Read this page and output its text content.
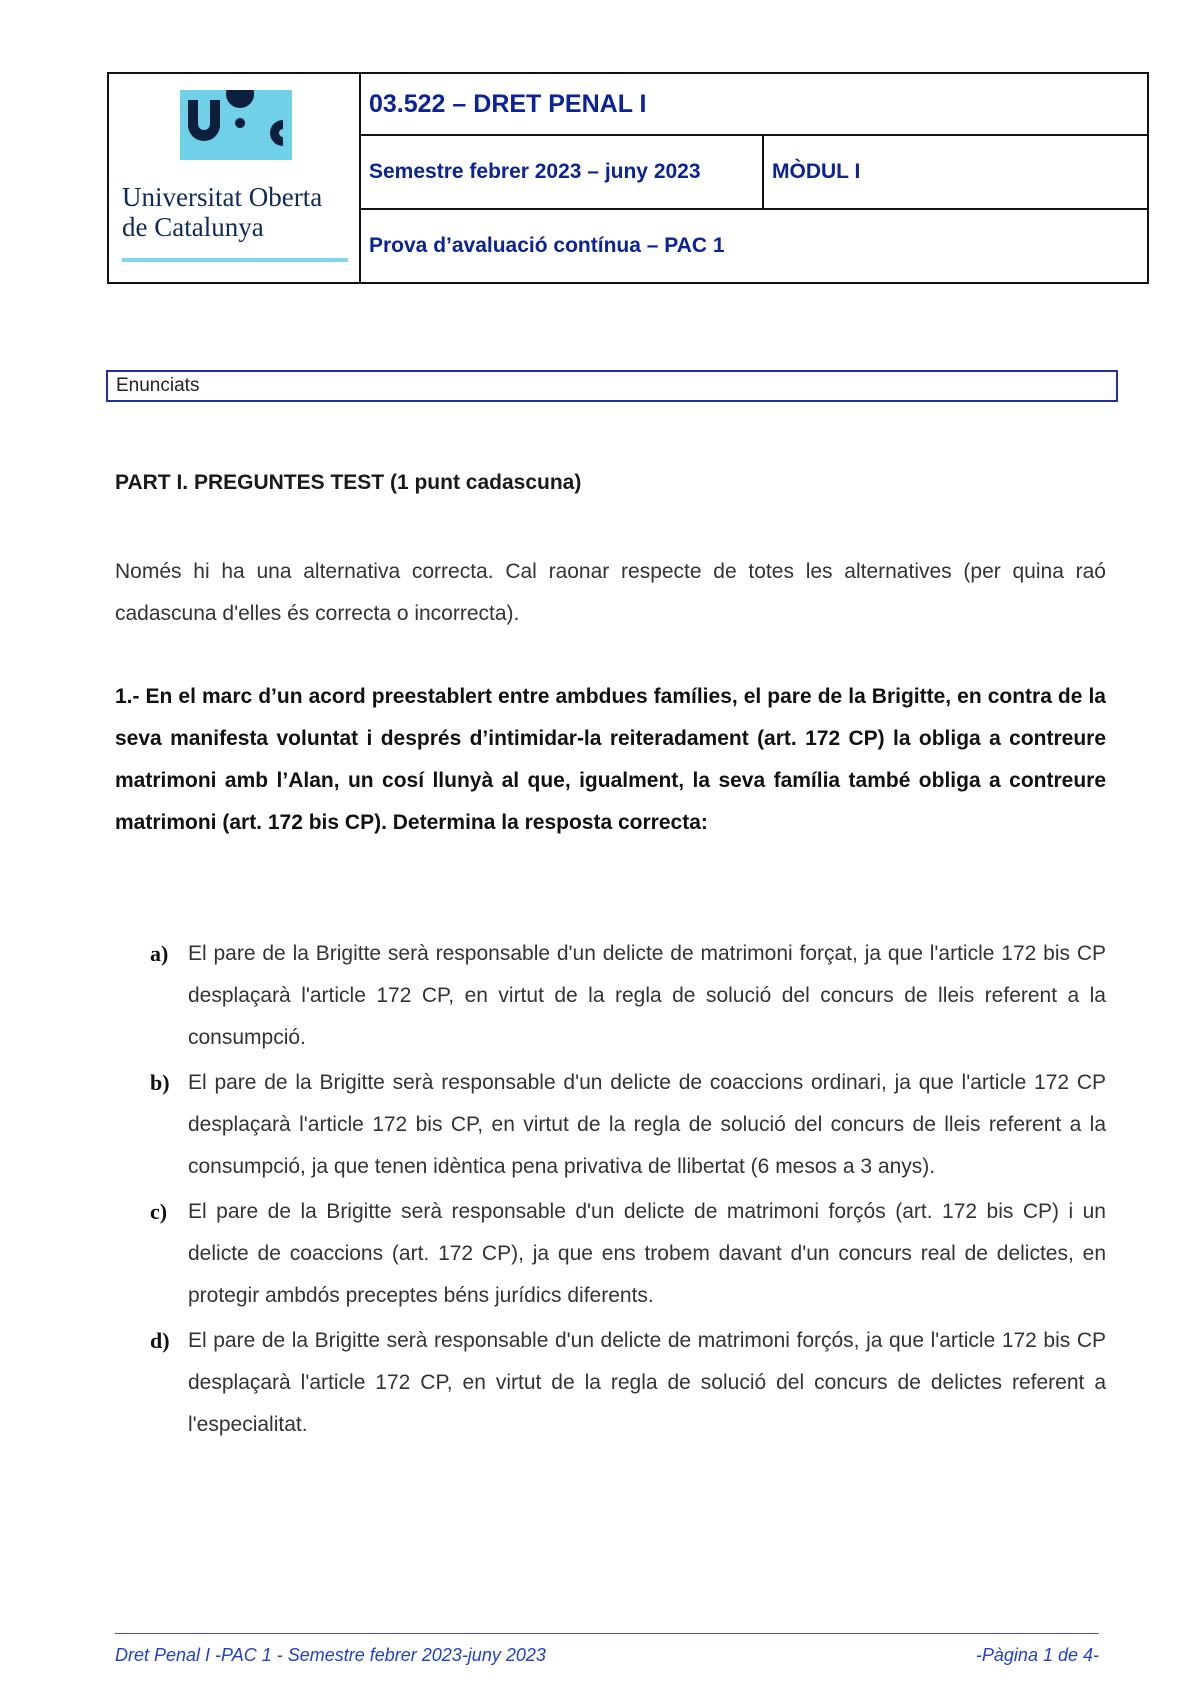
Universitat Oberta
de Catalunya
03.522 – DRET PENAL I
Semestre febrer 2023 – juny 2023	MÒDUL I
Prova d’avaluació contínua – PAC 1
Enunciats
PART I. PREGUNTES TEST (1 punt cadascuna)
Només hi ha una alternativa correcta. Cal raonar respecte de totes les alternatives (per quina raó cadascuna d'elles és correcta o incorrecta).
1.- En el marc d’un acord preestablert entre ambdues famílies, el pare de la Brigitte, en contra de la seva manifesta voluntat i després d’intimidar-la reiteradament (art. 172 CP) la obliga a contreure matrimoni amb l’Alan, un cosí llunyà al que, igualment, la seva família també obliga a contreure matrimoni (art. 172 bis CP). Determina la resposta correcta:
a) El pare de la Brigitte serà responsable d'un delicte de matrimoni forçat, ja que l'article 172 bis CP desplaçarà l'article 172 CP, en virtut de la regla de solució del concurs de lleis referent a la consumpció.
b) El pare de la Brigitte serà responsable d'un delicte de coaccions ordinari, ja que l'article 172 CP desplaçarà l'article 172 bis CP, en virtut de la regla de solució del concurs de lleis referent a la consumpció, ja que tenen idèntica pena privativa de llibertat (6 mesos a 3 anys).
c) El pare de la Brigitte serà responsable d'un delicte de matrimoni forçós (art. 172 bis CP) i un delicte de coaccions (art. 172 CP), ja que ens trobem davant d'un concurs real de delictes, en protegir ambdós preceptes béns jurídics diferents.
d) El pare de la Brigitte serà responsable d'un delicte de matrimoni forçós, ja que l'article 172 bis CP desplaçarà l'article 172 CP, en virtut de la regla de solució del concurs de delictes referent a l'especialitat.
Dret Penal I -PAC 1 - Semestre febrer 2023-juny 2023	-Pàgina 1 de 4-
